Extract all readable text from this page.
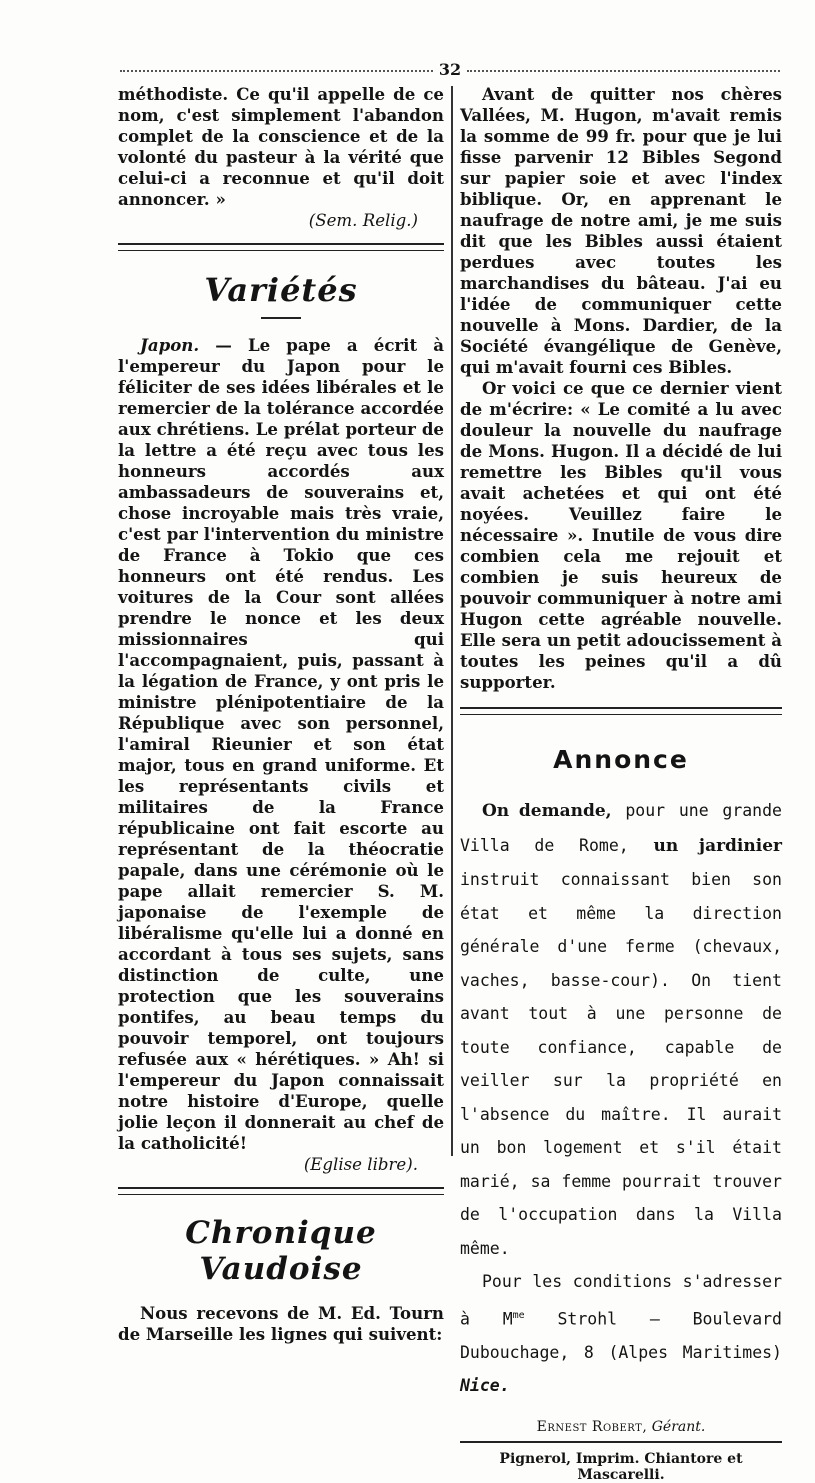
32

méthodiste. Ce qu'il appelle de ce nom, c'est simplement l'abandon complet de la conscience et de la volonté du pasteur à la vérité que celui-ci a reconnue et qu'il doit annoncer. »

(Sem. Relig.)

Variétés

Japon. — Le pape a écrit à l'empereur du Japon pour le féliciter de ses idées libérales et le remercier de la tolérance accordée aux chrétiens. Le prélat porteur de la lettre a été reçu avec tous les honneurs accordés aux ambassadeurs de souverains et, chose incroyable mais très vraie, c'est par l'intervention du ministre de France à Tokio que ces honneurs ont été rendus. Les voitures de la Cour sont allées prendre le nonce et les deux missionnaires qui l'accompagnaient, puis, passant à la légation de France, y ont pris le ministre plénipotentiaire de la République avec son personnel, l'amiral Rieunier et son état major, tous en grand uniforme. Et les représentants civils et militaires de la France républicaine ont fait escorte au représentant de la théocratie papale, dans une cérémonie où le pape allait remercier S. M. japonaise de l'exemple de libéralisme qu'elle lui a donné en accordant à tous ses sujets, sans distinction de culte, une protection que les souverains pontifes, au beau temps du pouvoir temporel, ont toujours refusée aux « hérétiques. » Ah! si l'empereur du Japon connaissait notre histoire d'Europe, quelle jolie leçon il donnerait au chef de la catholicité!

(Eglise libre).

Chronique Vaudoise

Nous recevons de M. Ed. Tourn de Marseille les lignes qui suivent:

Avant de quitter nos chères Vallées, M. Hugon, m'avait remis la somme de 99 fr. pour que je lui fisse parvenir 12 Bibles Segond sur papier soie et avec l'index biblique. Or, en apprenant le naufrage de notre ami, je me suis dit que les Bibles aussi étaient perdues avec toutes les marchandises du bâteau. J'ai eu l'idée de communiquer cette nouvelle à Mons. Dardier, de la Société évangélique de Genève, qui m'avait fourni ces Bibles.

Or voici ce que ce dernier vient de m'écrire: « Le comité a lu avec douleur la nouvelle du naufrage de Mons. Hugon. Il a décidé de lui remettre les Bibles qu'il vous avait achetées et qui ont été noyées. Veuillez faire le nécessaire ». Inutile de vous dire combien cela me rejouit et combien je suis heureux de pouvoir communiquer à notre ami Hugon cette agréable nouvelle. Elle sera un petit adoucissement à toutes les peines qu'il a dû supporter.

Annonce

On demande, pour une grande Villa de Rome, un jardinier instruit connaissant bien son état et même la direction générale d'une ferme (chevaux, vaches, basse-cour). On tient avant tout à une personne de toute confiance, capable de veiller sur la propriété en l'absence du maître. Il aurait un bon logement et s'il était marié, sa femme pourrait trouver de l'occupation dans la Villa même.

Pour les conditions s'adresser à $M^{me}$ Strohl — Boulevard Dubouchage, 8 (Alpes Maritimes) Nice.

Ernest Robert, Gérant.
Pignerol, Imprim. Chiantore et Mascarelli.
